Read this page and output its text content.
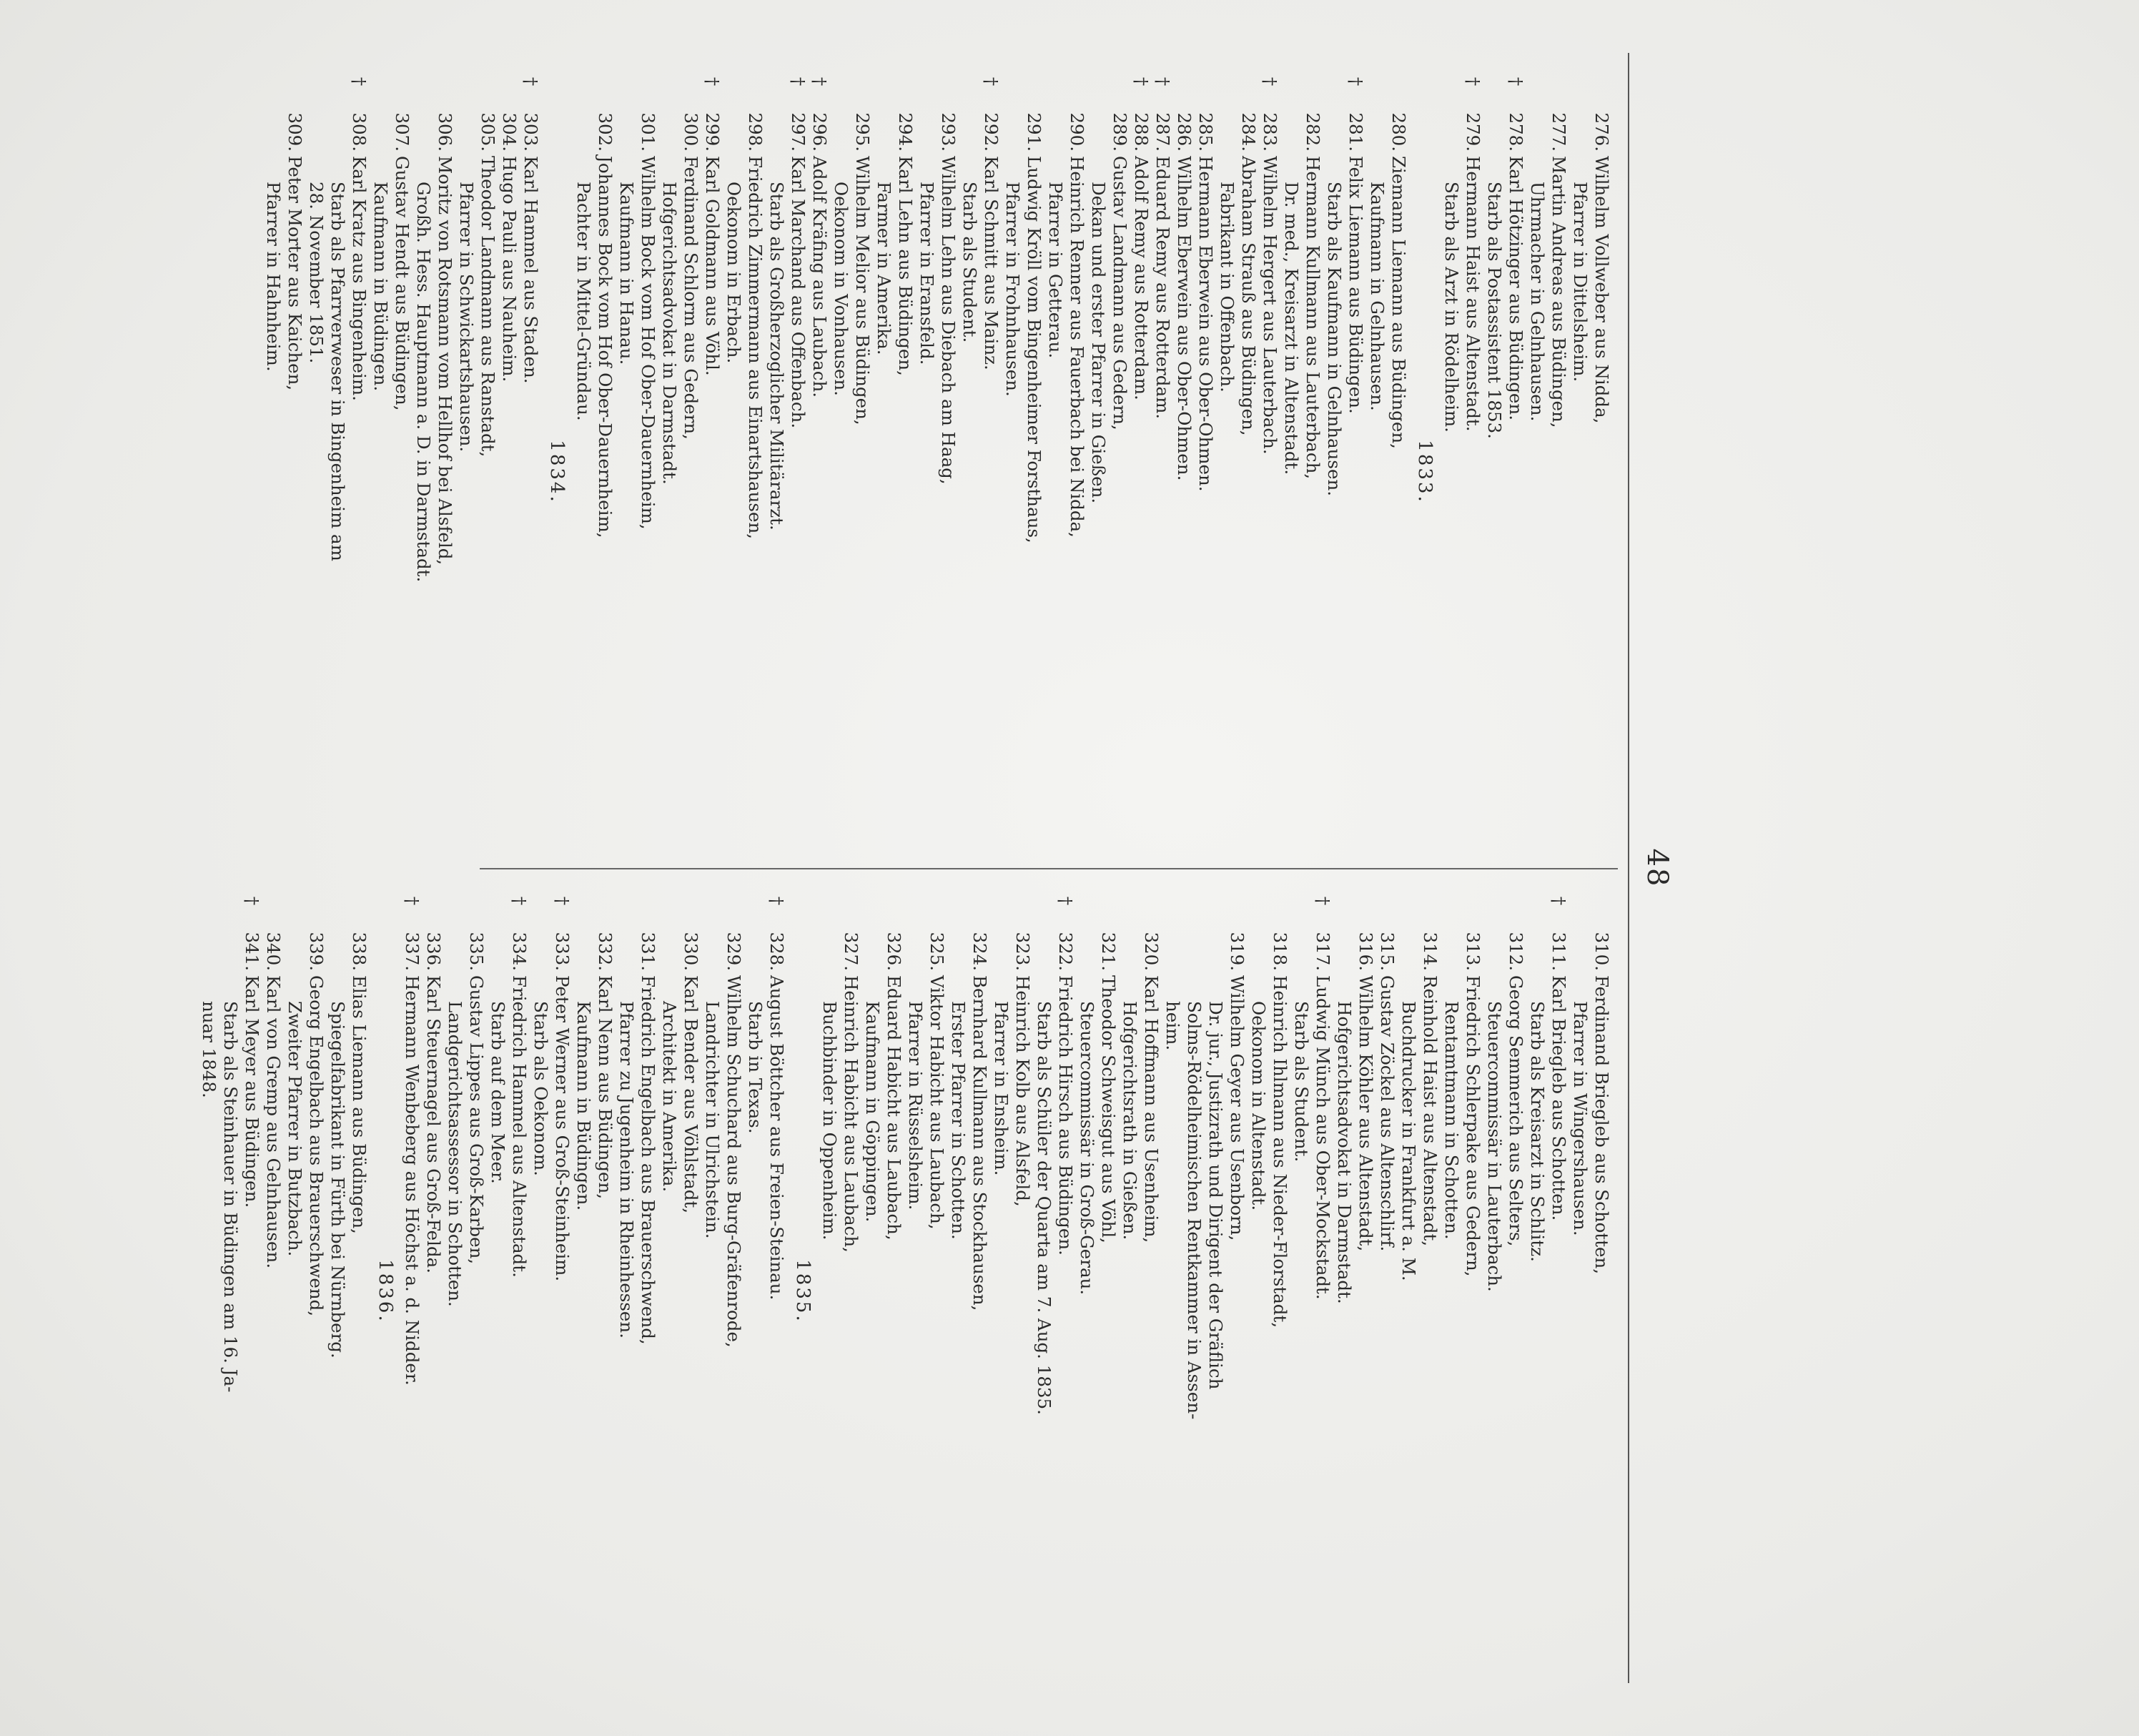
48
276.
Wilhelm Vollweber aus Nidda,
Pfarrer in Dittelsheim.
277.
Martin Andreas aus Büdingen,
Uhrmacher in Gelnhausen.
†
278.
Karl Hötzinger aus Büdingen.
Starb als Postassistent 1853.
†
279.
Hermann Haist aus Altenstadt.
Starb als Arzt in Rödelheim.
1833.
280.
Ziemann Liemann aus Büdingen,
Kaufmann in Gelnhausen.
†
281.
Felix Liemann aus Büdingen.
Starb als Kaufmann in Gelnhausen.
282.
Hermann Kullmann aus Lauterbach,
Dr. med., Kreisarzt in Altenstadt.
†
283.
Wilhelm Hergert aus Lauterbach.
284.
Abraham Strauß aus Büdingen,
Fabrikant in Offenbach.
285.
Hermann Eberwein aus Ober-Ohmen.
286.
Wilhelm Eberwein aus Ober-Ohmen.
†
287.
Eduard Remy aus Rotterdam.
†
288.
Adolf Remy aus Rotterdam.
289.
Gustav Landmann aus Gedern,
Dekan und erster Pfarrer in Gießen.
290.
Heinrich Renner aus Fauerbach bei Nidda,
Pfarrer in Getterau.
291.
Ludwig Kröll vom Bingenheimer Forsthaus,
Pfarrer in Frohnhausen.
†
292.
Karl Schmitt aus Mainz.
Starb als Student.
293.
Wilhelm Lehn aus Diebach am Haag,
Pfarrer in Eransfeld.
294.
Karl Lehn aus Büdingen,
Farmer in Amerika.
295.
Wilhelm Melior aus Büdingen,
Oekonom in Vonhausen.
†
296.
Adolf Kräfing aus Laubach.
†
297.
Karl Marchand aus Offenbach.
Starb als Großherzoglicher Militärarzt.
298.
Friedrich Zimmermann aus Einartshausen,
Oekonom in Erbach.
†
299.
Karl Goldmann aus Vöhl.
300.
Ferdinand Schlorm aus Gedern,
Hofgerichtsadvokat in Darmstadt.
301.
Wilhelm Bock vom Hof Ober-Dauernheim,
Kaufmann in Hanau.
302.
Johannes Bock vom Hof Ober-Dauernheim,
Pachter in Mittel-Gründau.
1834.
†
303.
Karl Hammel aus Staden.
304.
Hugo Pauli aus Nauheim.
305.
Theodor Landmann aus Ranstadt,
Pfarrer in Schwickartshausen.
306.
Moritz von Rotsmann vom Hellhof bei Alsfeld,
Großh. Hess. Hauptmann a. D. in Darmstadt.
307.
Gustav Hendt aus Büdingen,
Kaufmann in Büdingen.
†
308.
Karl Kratz aus Bingenheim.
Starb als Pfarrverweser in Bingenheim am
28. November 1851.
309.
Peter Morter aus Kaichen,
Pfarrer in Hahnheim.
310.
Ferdinand Briegleb aus Schotten,
Pfarrer in Wingershausen.
†
311.
Karl Briegleb aus Schotten.
Starb als Kreisarzt in Schlitz.
312.
Georg Semmerich aus Selters,
Steuercommissär in Lauterbach.
313.
Friedrich Schlerpake aus Gedern,
Rentamtmann in Schotten.
314.
Reinhold Haist aus Altenstadt,
Buchdrucker in Frankfurt a. M.
315.
Gustav Zöckel aus Altenschlirf.
316.
Wilhelm Köhler aus Altenstadt,
Hofgerichtsadvokat in Darmstadt.
†
317.
Ludwig Münch aus Ober-Mockstadt.
Starb als Student.
318.
Heinrich Ihlmann aus Nieder-Florstadt,
Oekonom in Altenstadt.
319.
Wilhelm Geyer aus Usenborn,
Dr. jur., Justizrath und Dirigent der Gräflich
Solms-Rödelheimischen Rentkammer in Assen-
heim.
320.
Karl Hoffmann aus Usenheim,
Hofgerichtsrath in Gießen.
321.
Theodor Schweisgut aus Vöhl,
Steuercommissär in Groß-Gerau.
†
322.
Friedrich Hirsch aus Büdingen.
Starb als Schüler der Quarta am 7. Aug. 1835.
323.
Heinrich Kolb aus Alsfeld,
Pfarrer in Ensheim.
324.
Bernhard Kullmann aus Stockhausen,
Erster Pfarrer in Schotten.
325.
Viktor Habicht aus Laubach,
Pfarrer in Rüsselsheim.
326.
Eduard Habicht aus Laubach,
Kaufmann in Göppingen.
327.
Heinrich Habicht aus Laubach,
Buchbinder in Oppenheim.
1835.
†
328.
August Böttcher aus Freien-Steinau.
Starb in Texas.
329.
Wilhelm Schuchard aus Burg-Gräfenrode,
Landrichter in Ulrichstein.
330.
Karl Bender aus Vöhlstadt,
Architekt in Amerika.
331.
Friedrich Engelbach aus Brauerschwend,
Pfarrer zu Jugenheim in Rheinhessen.
332.
Karl Nenn aus Büdingen,
Kaufmann in Büdingen.
†
333.
Peter Werner aus Groß-Steinheim.
Starb als Oekonom.
†
334.
Friedrich Hammel aus Altenstadt.
Starb auf dem Meer.
335.
Gustav Lippes aus Groß-Karben,
Landgerichtsassessor in Schotten.
336.
Karl Steuernagel aus Groß-Felda.
†
337.
Hermann Wenbeberg aus Höchst a. d. Nidder.
1836.
338.
Elias Liemann aus Büdingen,
Spiegelfabrikant in Fürth bei Nürnberg.
339.
Georg Engelbach aus Brauerschwend,
Zweiter Pfarrer in Butzbach.
340.
Karl von Gremp aus Gelnhausen.
†
341.
Karl Meyer aus Büdingen.
Starb als Steinhauer in Büdingen am 16. Ja-
nuar 1848.
